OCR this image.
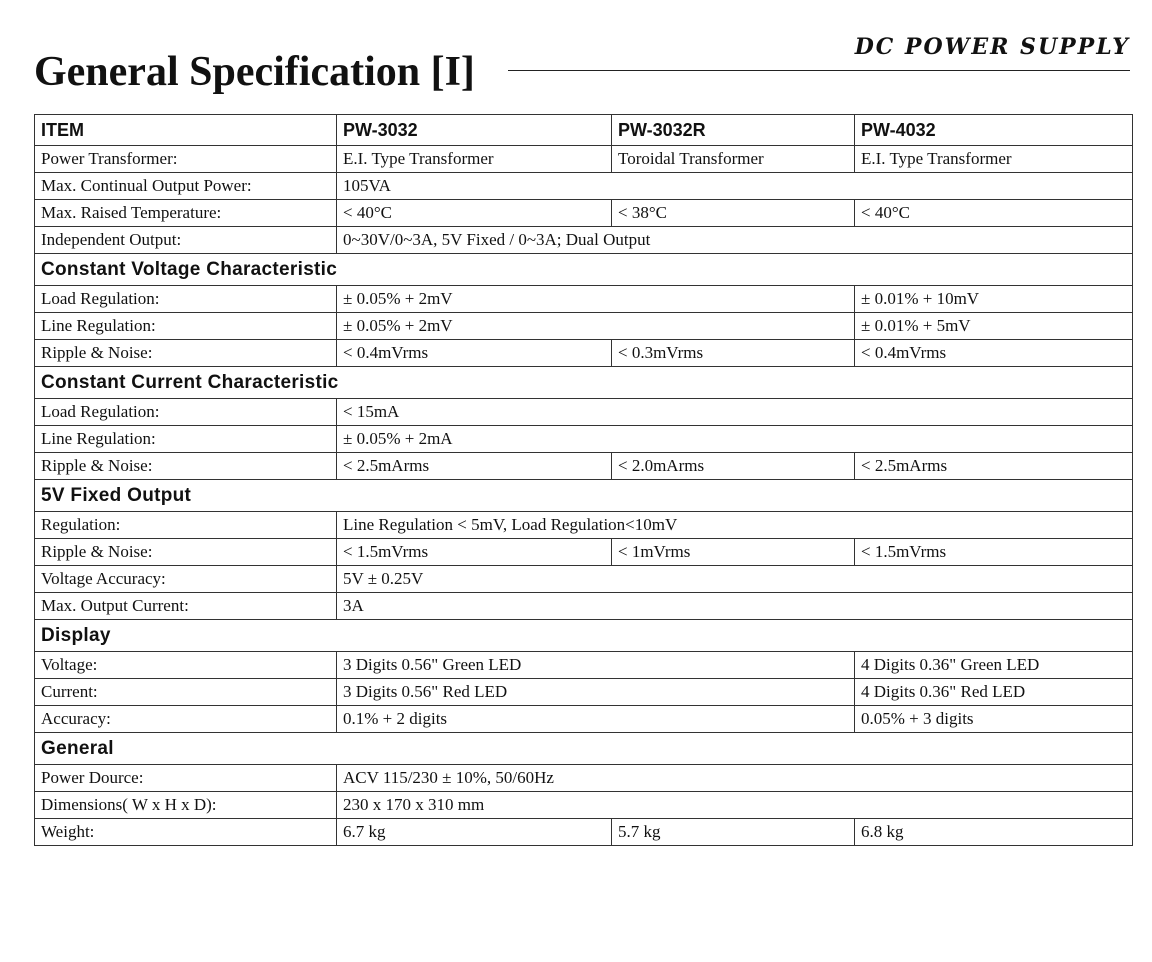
DC POWER SUPPLY
General Specification [I]
ITEM	PW-3032	PW-3032R	PW-4032
Power Transformer:	E.I. Type Transformer	Toroidal Transformer	E.I. Type Transformer
Max. Continual Output Power:	105VA		
Max. Raised Temperature:	< 40°C	< 38°C	< 40°C
Independent Output:	0~30V/0~3A, 5V Fixed / 0~3A; Dual Output		
Constant Voltage Characteristic			
Load Regulation:	± 0.05% + 2mV		± 0.01% + 10mV
Line Regulation:	± 0.05% + 2mV		± 0.01% + 5mV
Ripple & Noise:	< 0.4mVrms	< 0.3mVrms	< 0.4mVrms
Constant Current Characteristic			
Load Regulation:	< 15mA		
Line Regulation:	± 0.05% + 2mA		
Ripple & Noise:	< 2.5mArms	< 2.0mArms	< 2.5mArms
5V Fixed Output			
Regulation:	Line Regulation < 5mV, Load Regulation<10mV		
Ripple & Noise:	< 1.5mVrms	< 1mVrms	< 1.5mVrms
Voltage Accuracy:	5V ± 0.25V		
Max. Output Current:	3A		
Display			
Voltage:	3 Digits 0.56" Green LED		4 Digits 0.36" Green LED
Current:	3 Digits 0.56" Red LED		4 Digits 0.36" Red LED
Accuracy:	0.1% + 2 digits		0.05% + 3 digits
General			
Power Dource:	ACV 115/230 ± 10%, 50/60Hz		
Dimensions( W x H x D):	230 x 170 x 310 mm		
Weight:	6.7 kg	5.7 kg	6.8 kg
